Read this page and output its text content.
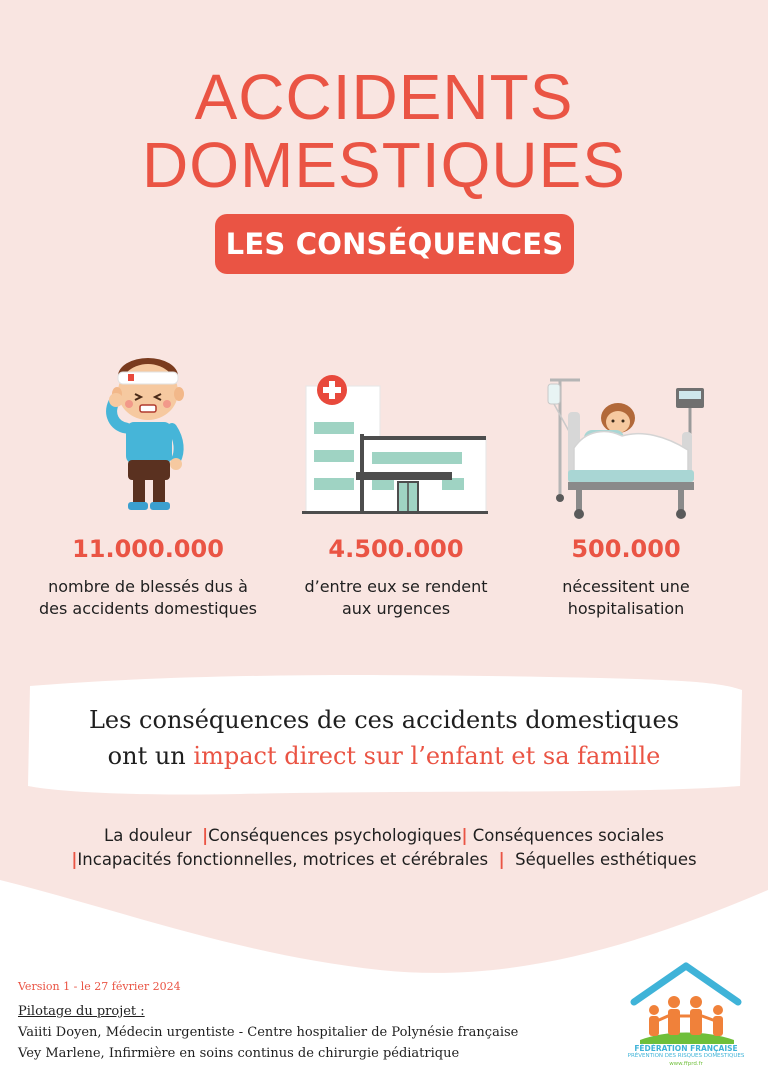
ACCIDENTS
DOMESTIQUES
LES CONSÉQUENCES
11.000.000
nombre de blessés dus à
des accidents domestiques
4.500.000
d’entre eux se rendent
aux urgences
500.000
nécessitent une
hospitalisation
Les conséquences de ces accidents domestiques
ont un impact direct sur l’enfant et sa famille
La douleur |Conséquences psychologiques| Conséquences sociales
|Incapacités fonctionnelles, motrices et cérébrales | Séquelles esthétiques
Version 1 - le 27 février 2024
Pilotage du projet :
Vaiiti Doyen, Médecin urgentiste - Centre hospitalier de Polynésie française
Vey Marlene, Infirmière en soins continus de chirurgie pédiatrique	FÉDÉRATION FRANÇAISE
PRÉVENTION DES RISQUES DOMESTIQUES
www.ffprd.fr
